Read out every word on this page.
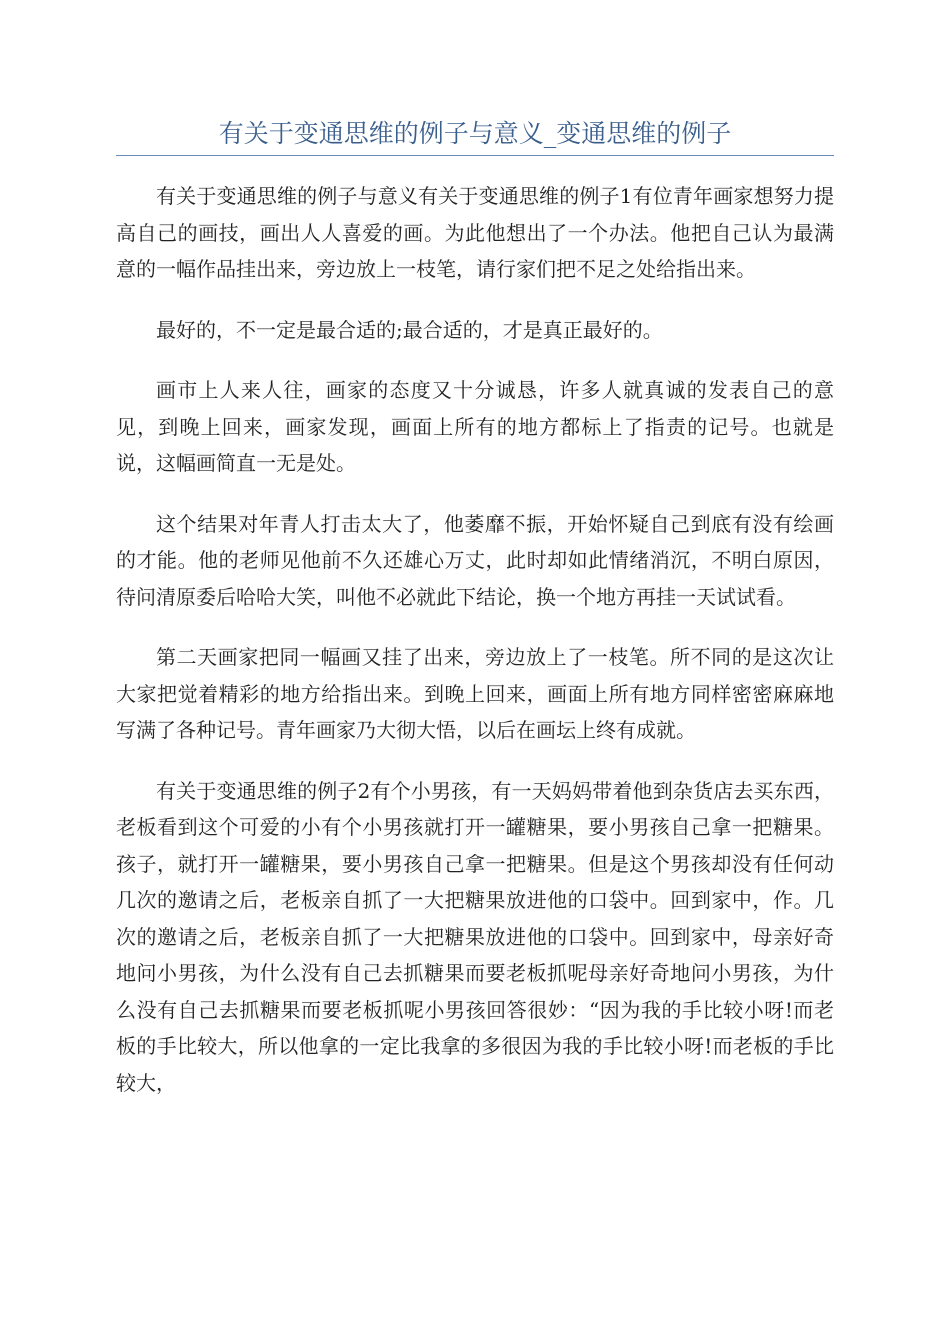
有关于变通思维的例子与意义_变通思维的例子

有关于变通思维的例子与意义有关于变通思维的例子1有位青年画家想努力提高自己的画技，画出人人喜爱的画。为此他想出了一个办法。他把自己认为最满意的一幅作品挂出来，旁边放上一枝笔，请行家们把不足之处给指出来。

最好的，不一定是最合适的;最合适的，才是真正最好的。

画市上人来人往，画家的态度又十分诚恳，许多人就真诚的发表自己的意见，到晚上回来，画家发现，画面上所有的地方都标上了指责的记号。也就是说，这幅画简直一无是处。

这个结果对年青人打击太大了，他萎靡不振，开始怀疑自己到底有没有绘画的才能。他的老师见他前不久还雄心万丈，此时却如此情绪消沉，不明白原因，待问清原委后哈哈大笑，叫他不必就此下结论，换一个地方再挂一天试试看。

第二天画家把同一幅画又挂了出来，旁边放上了一枝笔。所不同的是这次让大家把觉着精彩的地方给指出来。到晚上回来，画面上所有地方同样密密麻麻地写满了各种记号。青年画家乃大彻大悟，以后在画坛上终有成就。

有关于变通思维的例子2有个小男孩，有一天妈妈带着他到杂货店去买东西，老板看到这个可爱的小有个小男孩就打开一罐糖果，要小男孩自己拿一把糖果。孩子，就打开一罐糖果，要小男孩自己拿一把糖果。但是这个男孩却没有任何动几次的邀请之后，老板亲自抓了一大把糖果放进他的口袋中。回到家中，作。几次的邀请之后，老板亲自抓了一大把糖果放进他的口袋中。回到家中，母亲好奇地问小男孩，为什么没有自己去抓糖果而要老板抓呢母亲好奇地问小男孩，为什么没有自己去抓糖果而要老板抓呢小男孩回答很妙：“因为我的手比较小呀!而老板的手比较大，所以他拿的一定比我拿的多很因为我的手比较小呀!而老板的手比较大，
